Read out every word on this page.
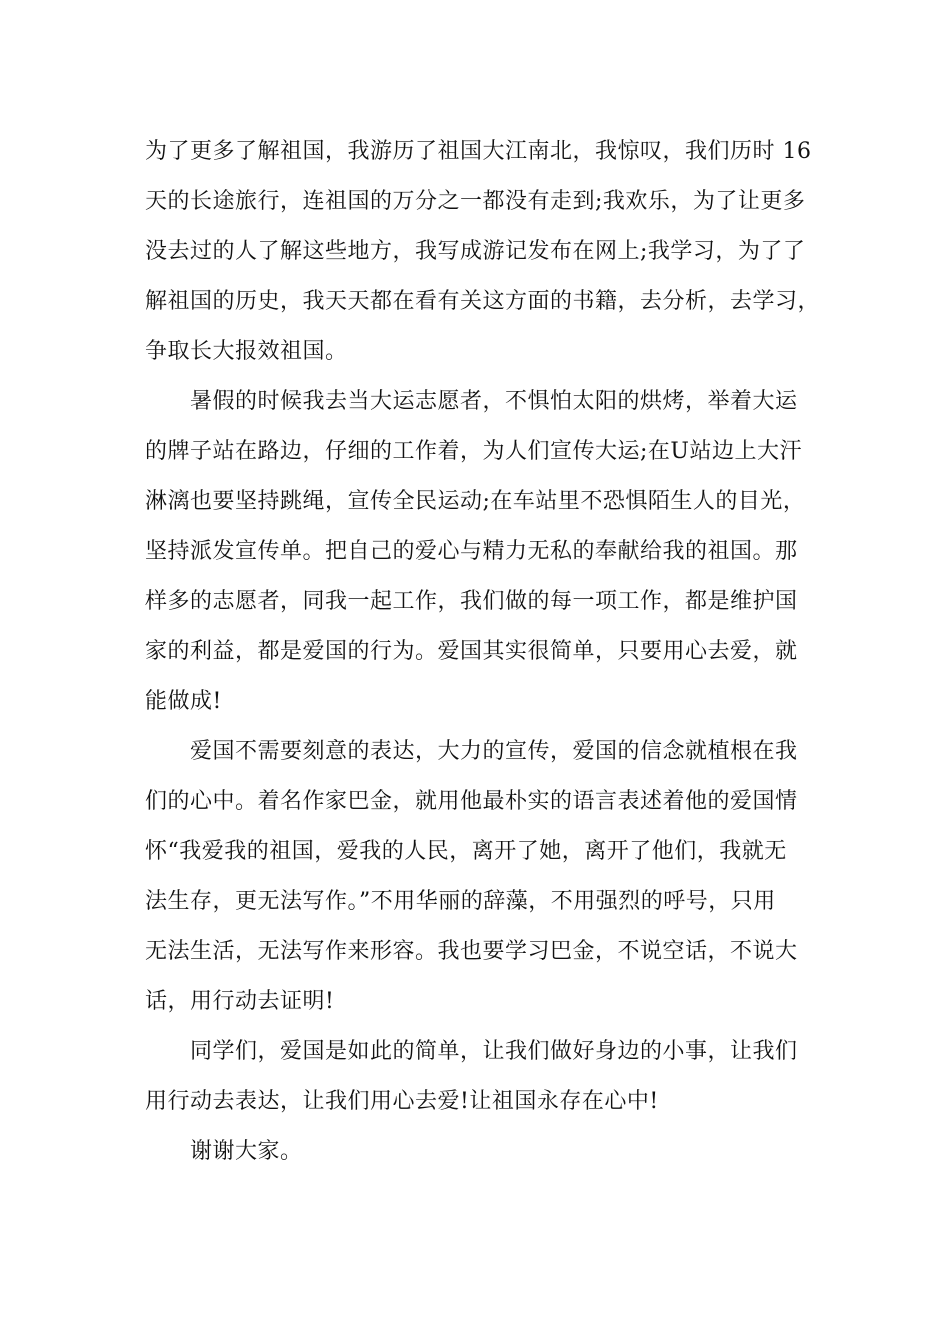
为了更多了解祖国，我游历了祖国大江南北，我惊叹，我们历时 16
天的长途旅行，连祖国的万分之一都没有走到;我欢乐，为了让更多
没去过的人了解这些地方，我写成游记发布在网上;我学习，为了了
解祖国的历史，我天天都在看有关这方面的书籍，去分析，去学习，
争取长大报效祖国。
暑假的时候我去当大运志愿者，不惧怕太阳的烘烤，举着大运
的牌子站在路边，仔细的工作着，为人们宣传大运;在U站边上大汗
淋漓也要坚持跳绳，宣传全民运动;在车站里不恐惧陌生人的目光，
坚持派发宣传单。把自己的爱心与精力无私的奉献给我的祖国。那
样多的志愿者，同我一起工作，我们做的每一项工作，都是维护国
家的利益，都是爱国的行为。爱国其实很简单，只要用心去爱，就
能做成!
爱国不需要刻意的表达，大力的宣传，爱国的信念就植根在我
们的心中。着名作家巴金，就用他最朴实的语言表述着他的爱国情
怀“我爱我的祖国，爱我的人民，离开了她，离开了他们，我就无
法生存，更无法写作。”不用华丽的辞藻，不用强烈的呼号，只用
无法生活，无法写作来形容。我也要学习巴金，不说空话，不说大
话，用行动去证明!
同学们，爱国是如此的简单，让我们做好身边的小事，让我们
用行动去表达，让我们用心去爱!让祖国永存在心中!
谢谢大家。
